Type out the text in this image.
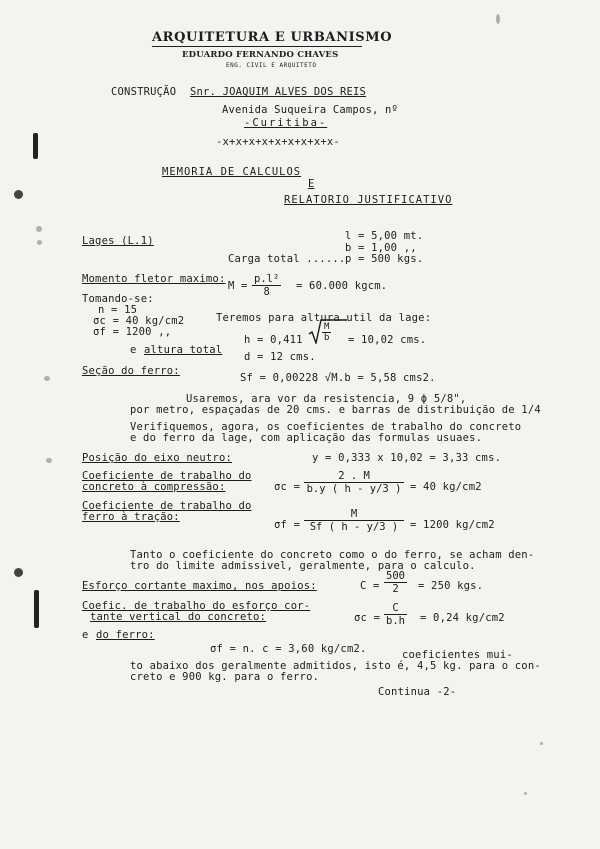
ARQUITETURA E URBANISMO
EDUARDO FERNANDO CHAVES
ENG. CIVIL E ARQUITETO
CONSTRUÇÃO Snr. JOAQUIM ALVES DOS REIS
Avenida Suqueira Campos, nº
-Curitiba-
-x+x+x+x+x+x+x+x+x-
MEMORIA DE CALCULOS
E
RELATORIO JUSTIFICATIVO
Lages (L.1)	l = 5,00 mt.
b = 1,00 ,,
Carga total ...... p = 500 kgs.
Momento fletor maximo:
$M = \frac{\text{p.l²}}{8} = 60.000$ kgcm.
Tomando-se:
n = 15
σc = 40 kg/cm2
σf = 1200 ,,
Teremos para altura util da lage:
$h = 0,411 \frac{M}{b} = 10,02$ cms.
e altura total
d = 12 cms.
Seção do ferro:
Sf = 0,00228 √M.b = 5,58 cms2.
Usaremos, ara vor da resistencia, 9 ϕ 5/8",
por metro, espaçadas de 20 cms. e barras de distribuição de 1/4
Verifiquemos, agora, os coeficientes de trabalho do concreto
e do ferro da lage, com aplicação das formulas usuaes.
Posição do eixo neutro:	y = 0,333 x 10,02 = 3,33 cms.
Coeficiente de trabalho do
concreto à compressão:	$\sigma c = \frac{2 . M}{b.y ( h - y/3 )} = 40$ kg/cm2
Coeficiente de trabalho do
ferro à tração:
$\sigma f = \frac{M}{Sf ( h - y/3 )} = 1200$ kg/cm2
Tanto o coeficiente do concreto como o do ferro, se acham den-
tro do limite admissivel, geralmente, para o calculo.
Esforço cortante maximo, nos apoios:	$C = \frac{500}{2} = 250$ kgs.
Coefic. de trabalho do esforço cor-
tante vertical do concreto:	$\sigma c = \frac{C}{b.h} = 0,24$ kg/cm2
e do ferro:
σf = n. c = 3,60 kg/cm2.	coeficientes mui-
to abaixo dos geralmente admitidos, isto é, 4,5 kg. para o con-
creto e 900 kg. para o ferro.
Continua -2-
